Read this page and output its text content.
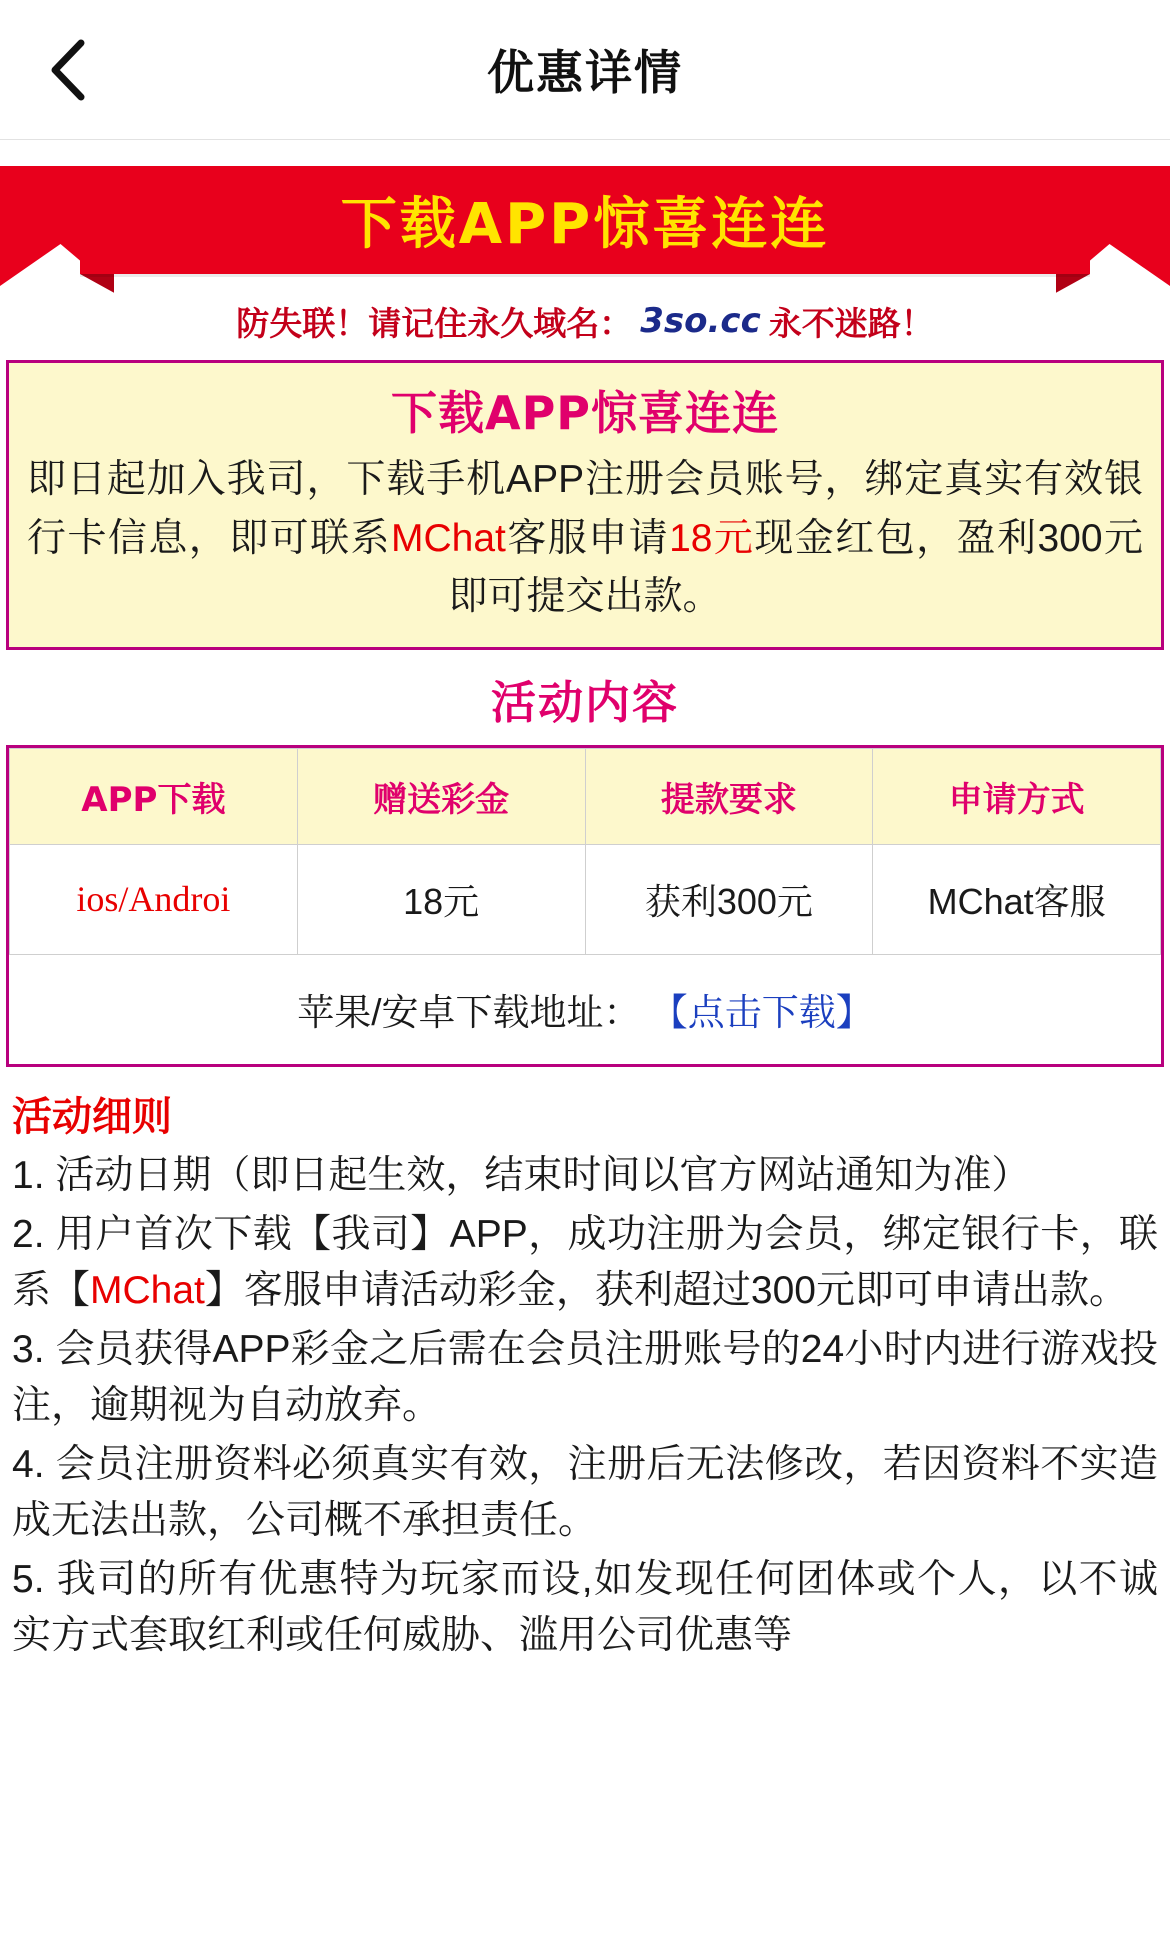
优惠详情
下载APP惊喜连连
防失联！请记住永久域名： 3so.cc 永不迷路！
下载APP惊喜连连
即日起加入我司，下载手机APP注册会员账号，绑定真实有效银行卡信息，即可联系MChat客服申请18元现金红包，盈利300元即可提交出款。
活动内容
APP下载	赠送彩金	提款要求	申请方式
ios/Androi	18元	获利300元	MChat客服
苹果/安卓下载地址： 【点击下载】			
活动细则
1. 活动日期（即日起生效，结束时间以官方网站通知为准）
2. 用户首次下载【我司】APP，成功注册为会员，绑定银行卡，联系【MChat】客服申请活动彩金，获利超过300元即可申请出款。
3. 会员获得APP彩金之后需在会员注册账号的24小时内进行游戏投注，逾期视为自动放弃。
4. 会员注册资料必须真实有效，注册后无法修改，若因资料不实造成无法出款，公司概不承担责任。
5. 我司的所有优惠特为玩家而设,如发现任何团体或个人，以不诚实方式套取红利或任何威胁、滥用公司优惠等
